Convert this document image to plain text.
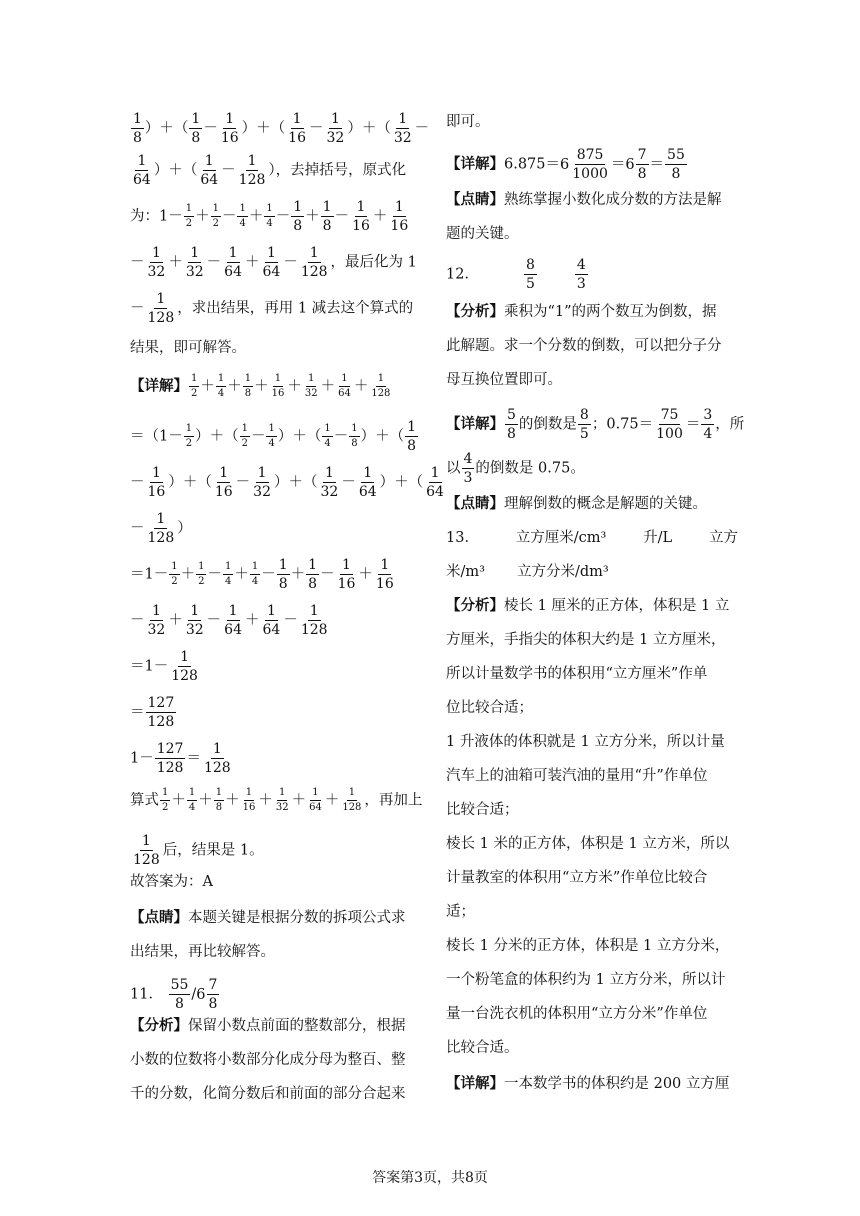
$\frac{1}{8}$ ）＋（ $\frac{1}{8} - \frac{1}{16}$ ）＋（ $\frac{1}{16} - \frac{1}{32}$ ）＋（ $\frac{1}{32}$ －
$\frac{1}{64}$ ）＋（ $\frac{1}{64} - \frac{1}{128}$ ），去掉括号，原式化
为：$1- \frac{1}{2} + \frac{1}{2} - \frac{1}{4} + \frac{1}{4} - \frac{1}{8} + \frac{1}{8} - \frac{1}{16} + \frac{1}{16}$
－ $\frac{1}{32} + \frac{1}{32} - \frac{1}{64} + \frac{1}{64} - \frac{1}{128}$ ，最后化为 1
－ $\frac{1}{128}$ ，求出结果，再用 1 减去这个算式的
结果，即可解答。
【详解】 $\frac{1}{2} + \frac{1}{4} + \frac{1}{8} + \frac{1}{16} + \frac{1}{32} + \frac{1}{64} + \frac{1}{128}$
$=(1- \frac{1}{2}$ ）＋（ $\frac{1}{2} - \frac{1}{4}$ ）＋（ $\frac{1}{4} - \frac{1}{8}$ ）＋（ $\frac{1}{8}$
－ $\frac{1}{16}$ ）＋（ $\frac{1}{16} - \frac{1}{32}$ ）＋（ $\frac{1}{32} - \frac{1}{64}$ ）＋（ $\frac{1}{64}$
－ $\frac{1}{128}$ ）
$=1- \frac{1}{2} + \frac{1}{2} - \frac{1}{4} + \frac{1}{4} - \frac{1}{8} + \frac{1}{8} - \frac{1}{16} + \frac{1}{16}$
－ $\frac{1}{32} + \frac{1}{32} - \frac{1}{64} + \frac{1}{64} - \frac{1}{128}$
$=1- \frac{1}{128}$
＝ $\frac{127}{128}$
$1- \frac{127}{128} = \frac{1}{128}$
算式 $\frac{1}{2} + \frac{1}{4} + \frac{1}{8} + \frac{1}{16} + \frac{1}{32} + \frac{1}{64} + \frac{1}{128}$ ，再加上
$\frac{1}{128}$ 后，结果是 1。
故答案为：A
【点睛】本题关键是根据分数的拆项公式求
出结果，再比较解答。
11． $\frac{55}{8} / 6$
7
8
【分析】保留小数点前面的整数部分，根据
小数的位数将小数部分化成分母为整百、整
千的分数，化简分数后和前面的部分合起来
即可。
【详解】6.875＝ 6
875
1000
＝ 6
7
8
＝ $\frac{55}{8}$
【点睛】熟练掌握小数化成分数的方法是解
题的关键。
12．	$\frac{8}{5}$	$\frac{4}{3}$
【分析】乘积为“1”的两个数互为倒数，据
此解题。求一个分数的倒数，可以把分子分
母互换位置即可。
【详解】 $\frac{5}{8}$ 的倒数是 $\frac{8}{5}$ ；$0.75= \frac{75}{100} = \frac{3}{4}$ ，所
以 $\frac{4}{3}$ 的倒数是 0.75。
【点睛】理解倒数的概念是解题的关键。
13．	立方厘米/cm³	升/L	立方
米/m³ 立方分米/dm³
【分析】棱长 1 厘米的正方体，体积是 1 立
方厘米，手指尖的体积大约是 1 立方厘米，
所以计量数学书的体积用“立方厘米”作单
位比较合适；
1 升液体的体积就是 1 立方分米，所以计量
汽车上的油箱可装汽油的量用“升”作单位
比较合适；
棱长 1 米的正方体，体积是 1 立方米，所以
计量教室的体积用“立方米”作单位比较合
适；
棱长 1 分米的正方体，体积是 1 立方分米，
一个粉笔盒的体积约为 1 立方分米，所以计
量一台洗衣机的体积用“立方分米”作单位
比较合适。
【详解】一本数学书的体积约是 200 立方厘
答案第3页，共8页
